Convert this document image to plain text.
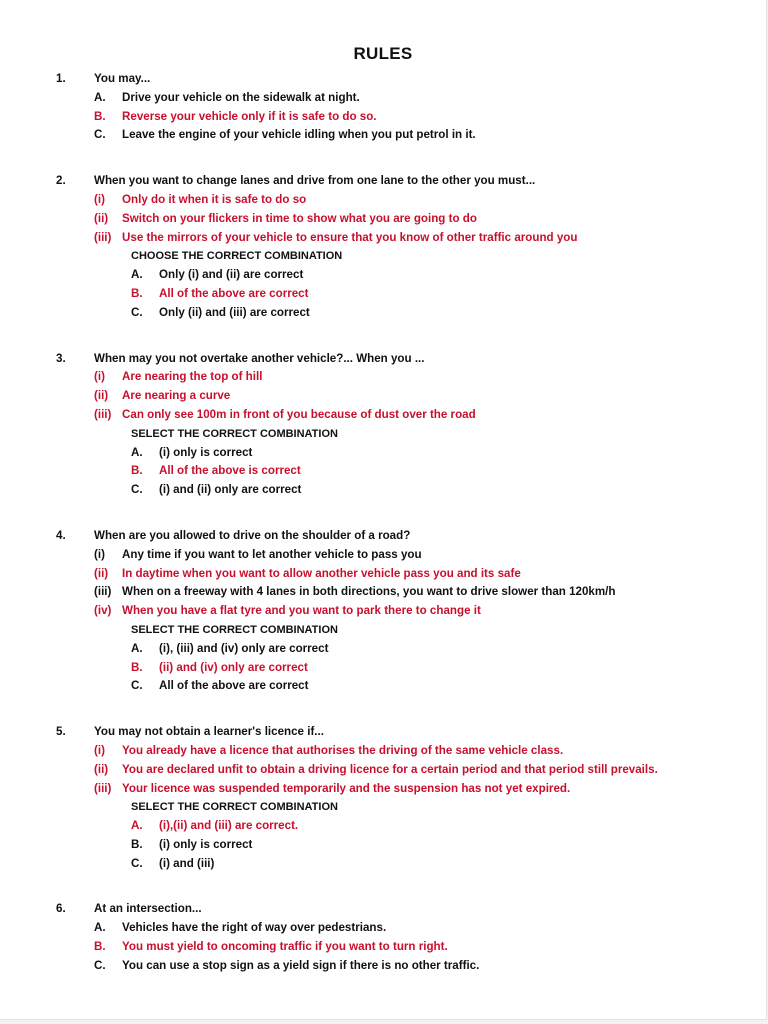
RULES
1. You may...
A. Drive your vehicle on the sidewalk at night.
B. Reverse your vehicle only if it is safe to do so.
C. Leave the engine of your vehicle idling when you put petrol in it.
2. When you want to change lanes and drive from one lane to the other you must...
(i) Only do it when it is safe to do so
(ii) Switch on your flickers in time to show what you are going to do
(iii) Use the mirrors of your vehicle to ensure that you know of other traffic around you
CHOOSE THE CORRECT COMBINATION
A. Only (i) and (ii) are correct
B. All of the above are correct
C. Only (ii) and (iii) are correct
3. When may you not overtake another vehicle?... When you ...
(i) Are nearing the top of hill
(ii) Are nearing a curve
(iii) Can only see 100m in front of you because of dust over the road
SELECT THE CORRECT COMBINATION
A. (i) only is correct
B. All of the above is correct
C. (i) and (ii) only are correct
4. When are you allowed to drive on the shoulder of a road?
(i) Any time if you want to let another vehicle to pass you
(ii) In daytime when you want to allow another vehicle pass you and its safe
(iii) When on a freeway with 4 lanes in both directions, you want to drive slower than 120km/h
(iv) When you have a flat tyre and you want to park there to change it
SELECT THE CORRECT COMBINATION
A. (i), (iii) and (iv) only are correct
B. (ii) and (iv) only are correct
C. All of the above are correct
5. You may not obtain a learner's licence if...
(i) You already have a licence that authorises the driving of the same vehicle class.
(ii) You are declared unfit to obtain a driving licence for a certain period and that period still prevails.
(iii) Your licence was suspended temporarily and the suspension has not yet expired.
SELECT THE CORRECT COMBINATION
A. (i),(ii) and (iii) are correct.
B. (i) only is correct
C. (i) and (iii)
6. At an intersection...
A. Vehicles have the right of way over pedestrians.
B. You must yield to oncoming traffic if you want to turn right.
C. You can use a stop sign as a yield sign if there is no other traffic.
